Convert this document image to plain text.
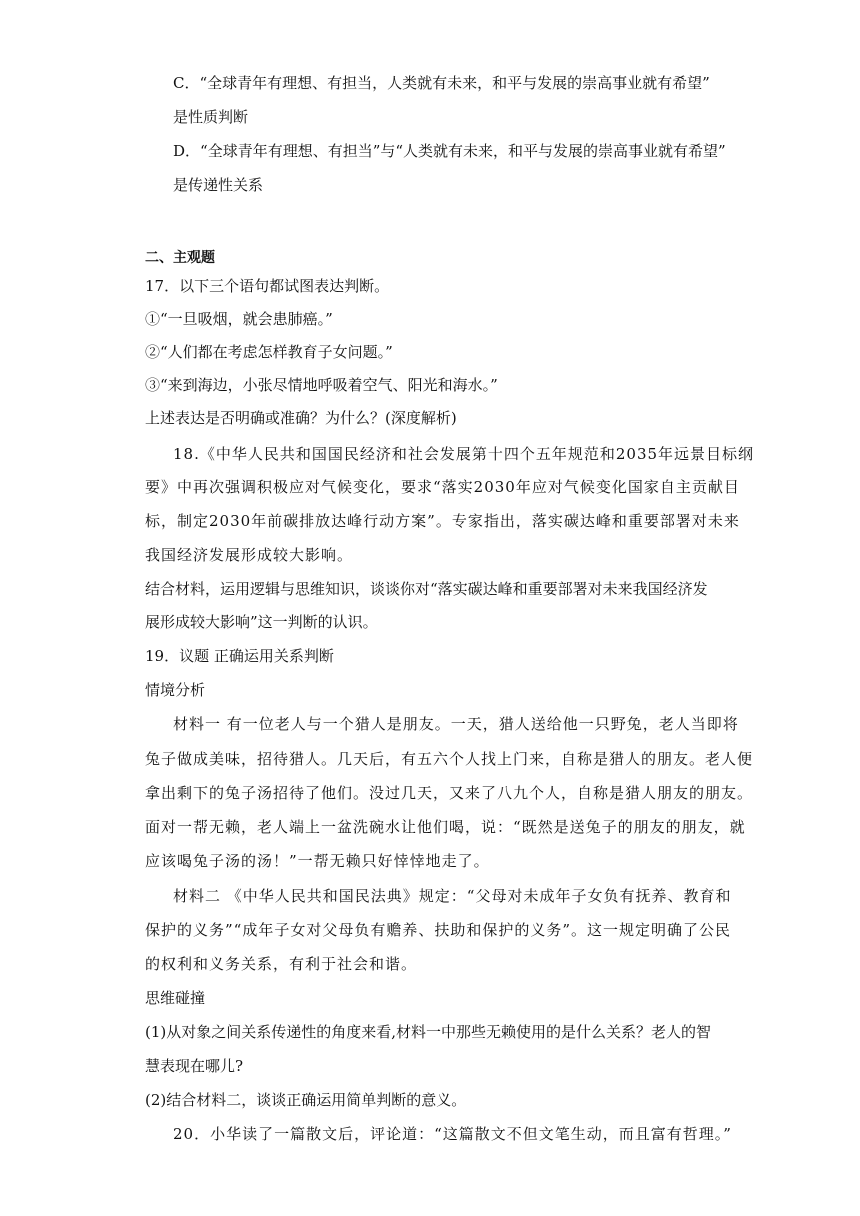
C．“全球青年有理想、有担当，人类就有未来，和平与发展的崇高事业就有希望”
是性质判断
D．“全球青年有理想、有担当”与“人类就有未来，和平与发展的崇高事业就有希望”
是传递性关系
二、主观题
17．以下三个语句都试图表达判断。
①“一旦吸烟，就会患肺癌。”
②“人们都在考虑怎样教育子女问题。”
③“来到海边，小张尽情地呼吸着空气、阳光和海水。”
上述表达是否明确或准确？为什么？(深度解析)
18.《中华人民共和国国民经济和社会发展第十四个五年规范和2035年远景目标纲
要》中再次强调积极应对气候变化，要求“落实2030年应对气候变化国家自主贡献目
标，制定2030年前碳排放达峰行动方案”。专家指出，落实碳达峰和重要部署对未来
我国经济发展形成较大影响。
结合材料，运用逻辑与思维知识，谈谈你对“落实碳达峰和重要部署对未来我国经济发
展形成较大影响”这一判断的认识。
19．议题 正确运用关系判断
情境分析
材料一 有一位老人与一个猎人是朋友。一天，猎人送给他一只野兔，老人当即将
兔子做成美味，招待猎人。几天后，有五六个人找上门来，自称是猎人的朋友。老人便
拿出剩下的兔子汤招待了他们。没过几天，又来了八九个人，自称是猎人朋友的朋友。
面对一帮无赖，老人端上一盆洗碗水让他们喝，说：“既然是送兔子的朋友的朋友，就
应该喝兔子汤的汤！”一帮无赖只好悻悻地走了。
材料二 《中华人民共和国民法典》规定：“父母对未成年子女负有抚养、教育和
保护的义务”“成年子女对父母负有赡养、扶助和保护的义务”。这一规定明确了公民
的权利和义务关系，有利于社会和谐。
思维碰撞
(1)从对象之间关系传递性的角度来看,材料一中那些无赖使用的是什么关系？老人的智
慧表现在哪儿?
(2)结合材料二，谈谈正确运用简单判断的意义。
20．小华读了一篇散文后，评论道：“这篇散文不但文笔生动，而且富有哲理。”
